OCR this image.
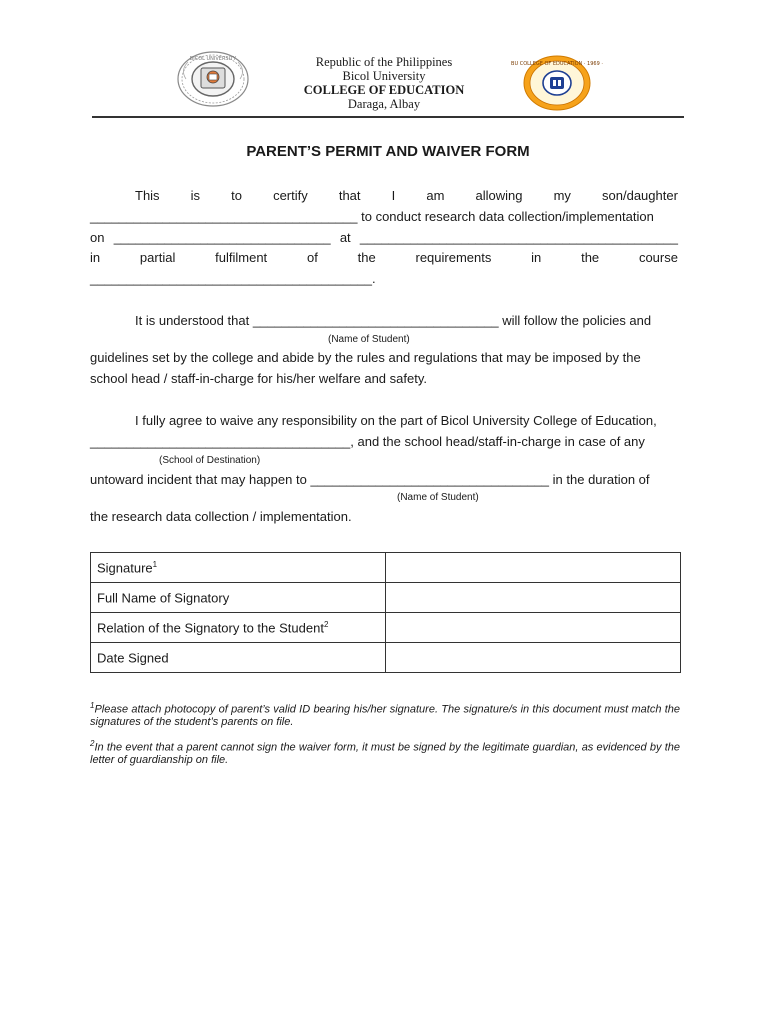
BICOL UNIVERSITY	Republic of the Philippines
Bicol University
COLLEGE OF EDUCATION
Daraga, Albay
BU COLLEGE OF EDUCATION · 1969 ·
PARENT’S PERMIT AND WAIVER FORM
This is to certify that I am allowing my son/daughter
_____________________________________ to conduct research data collection/implementation
on ______________________________ at ____________________________________________
in	partial	fulfilment	of	the	requirements	in	the	course
_______________________________________.
It is understood that __________________________________ will follow the policies and
(Name of Student)
guidelines set by the college and abide by the rules and regulations that may be imposed by the
school head / staff-in-charge for his/her welfare and safety.
I fully agree to waive any responsibility on the part of Bicol University College of Education,
____________________________________, and the school head/staff-in-charge in case of any
(School of Destination)
untoward incident that may happen to _________________________________ in the duration of
(Name of Student)
the research data collection / implementation.
Signature$^1$	
Full Name of Signatory	
Relation of the Signatory to the Student$^2$	
Date Signed	
$^1$Please attach photocopy of parent’s valid ID bearing his/her signature. The signature/s in this document must match the signatures of the student’s parents on file.
$^2$In the event that a parent cannot sign the waiver form, it must be signed by the legitimate guardian, as evidenced by the letter of guardianship on file.
